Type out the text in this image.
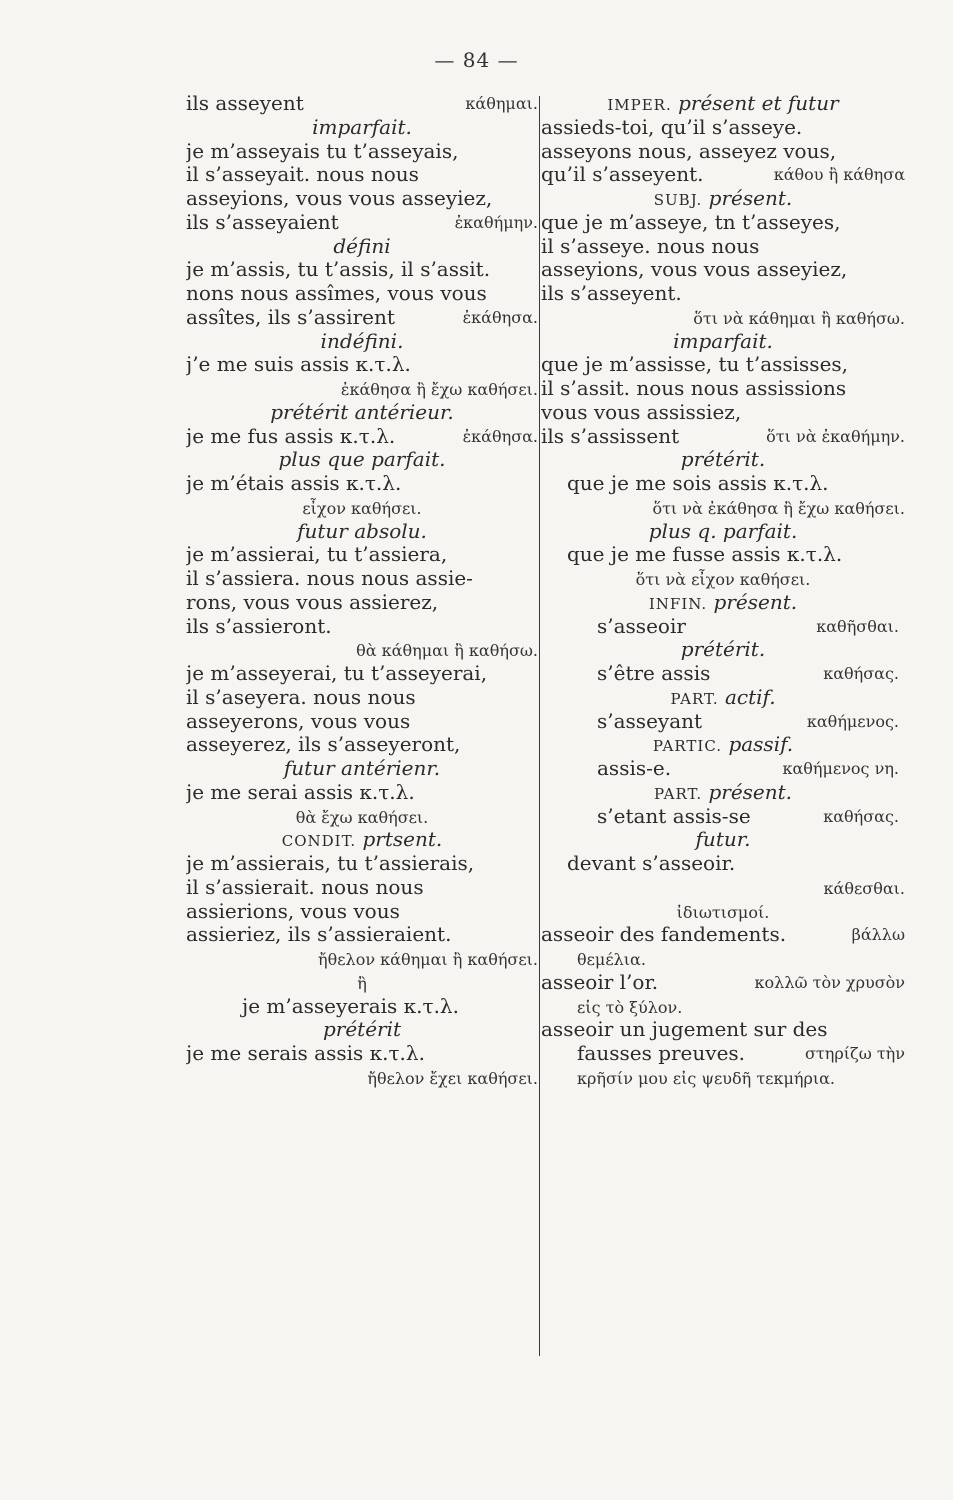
— 84 —
ils asseyent	κάθημαι.
imparfait.
je m’asseyais tu t’asseyais,
il s’asseyait. nous nous
asseyions, vous vous asseyiez,
ils s’asseyaient	ἐκαθήμην.
défini
je m’assis, tu t’assis, il s’assit.
nons nous assîmes, vous vous
assîtes, ils s’assirent	ἐκάθησα.
indéfini.
j’e me suis assis κ.τ.λ.
ἐκάθησα ἢ ἔχω καθήσει.
prétérit antérieur.
je me fus assis κ.τ.λ.	ἐκάθησα.
plus que parfait.
je m’étais assis κ.τ.λ.
εἶχον καθήσει.
futur absolu.
je m’assierai, tu t’assiera,
il s’assiera. nous nous assie-
rons, vous vous assierez,
ils s’assieront.
θὰ κάθημαι ἢ καθήσω.
je m’asseyerai, tu t’asseyerai,
il s’aseyera. nous nous
asseyerons, vous vous
asseyerez, ils s’asseyeront,
futur antérienr.
je me serai assis κ.τ.λ.
θὰ ἔχω καθήσει.
CONDIT. prtsent.
je m’assierais, tu t’assierais,
il s’assierait. nous nous
assierions, vous vous
assieriez, ils s’assieraient.
ἤθελον κάθημαι ἢ καθήσει.
ἢ
je m’asseyerais κ.τ.λ.
prétérit
je me serais assis κ.τ.λ.
ἤθελον ἔχει καθήσει.
IMPER. présent et futur
assieds-toi, qu’il s’asseye.
asseyons nous, asseyez vous,
qu’il s’asseyent.	κάθου ἢ κάθησα
SUBJ. présent.
que je m’asseye, tn t’asseyes,
il s’asseye. nous nous
asseyions, vous vous asseyiez,
ils s’asseyent.
ὅτι νὰ κάθημαι ἢ καθήσω.
imparfait.
que je m’assisse, tu t’assisses,
il s’assit. nous nous assissions
vous vous assissiez,
ils s’assissent	ὅτι νὰ ἐκαθήμην.
prétérit.
que je me sois assis κ.τ.λ.
ὅτι νὰ ἐκάθησα ἢ ἔχω καθήσει.
plus q. parfait.
que je me fusse assis κ.τ.λ.
ὅτι νὰ εἶχον καθήσει.
INFIN. présent.
s’asseoir	καθῆσθαι.
prétérit.
s’être assis	καθήσας.
PART. actif.
s’asseyant	καθήμενος.
PARTIC. passif.
assis-e.	καθήμενος νη.
PART. présent.
s’etant assis-se	καθήσας.
futur.
devant s’asseoir.
κάθεσθαι.
ἰδιωτισμοί.
asseoir des fandements.	βάλλω
θεμέλια.
asseoir l’or.	κολλῶ τὸν χρυσὸν
εἰς τὸ ξύλον.
asseoir un jugement sur des
fausses preuves.	στηρίζω τὴν
κρῆσίν μου εἰς ψευδῆ τεκμήρια.
